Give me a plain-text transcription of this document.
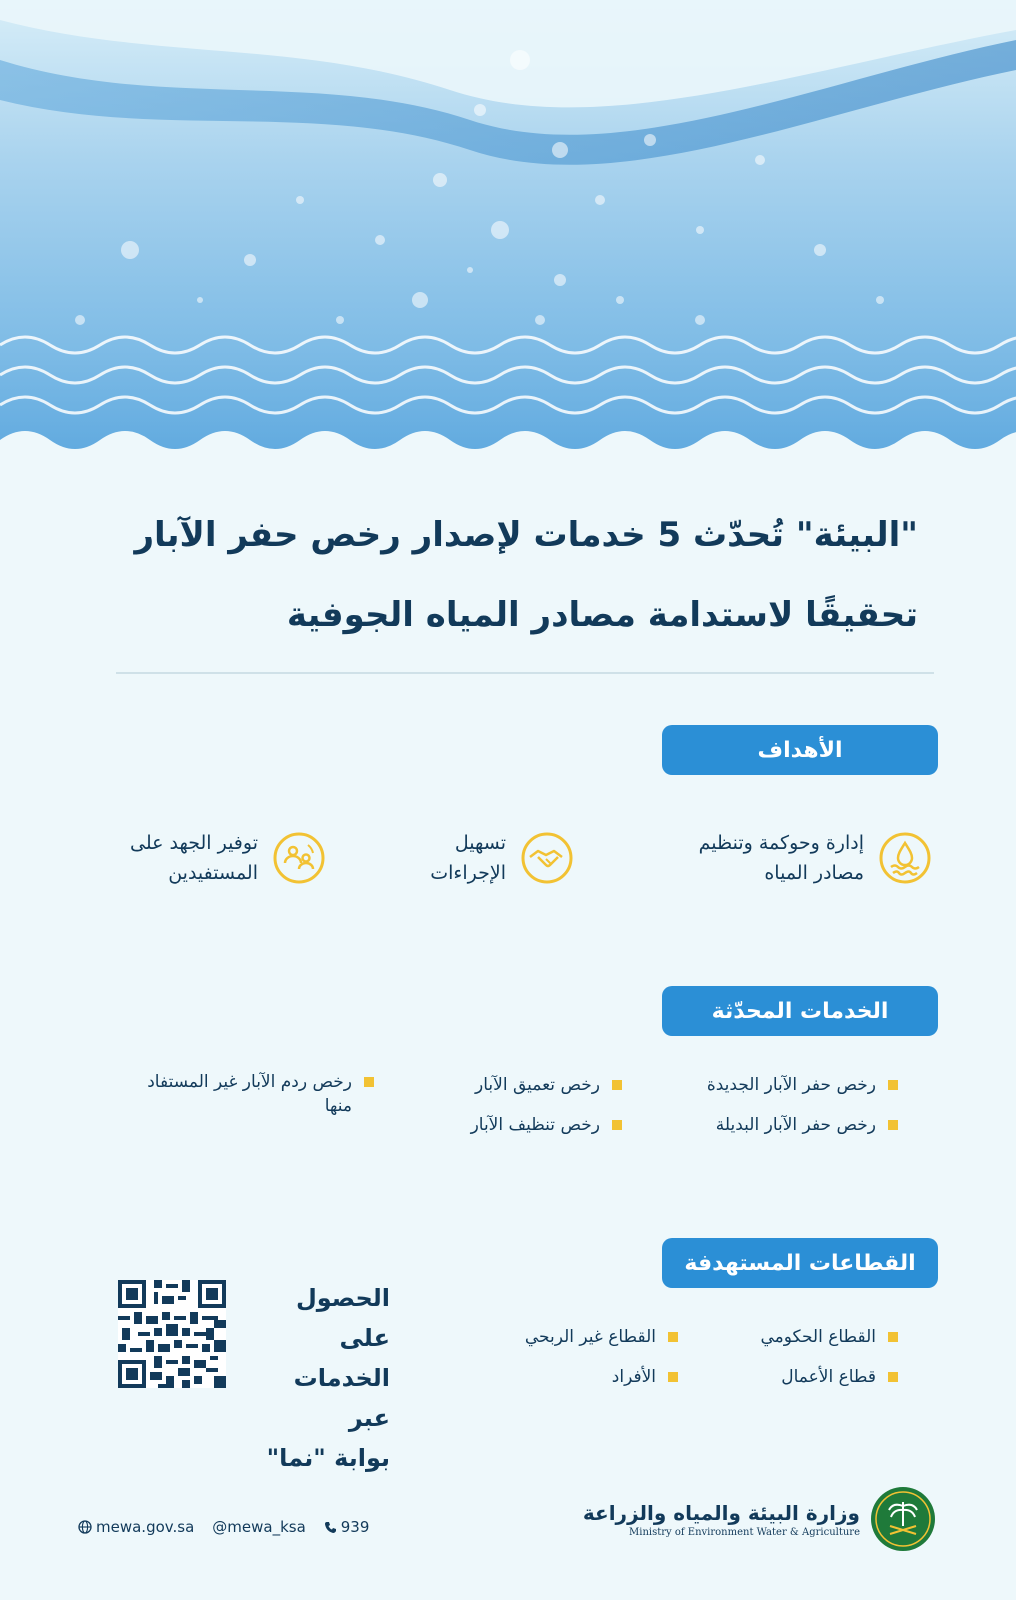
"البيئة" تُحدّث 5 خدمات لإصدار رخص حفر الآبار
تحقيقًا لاستدامة مصادر المياه الجوفية
الأهداف
إدارة وحوكمة وتنظيم مصادر المياه
تسهيل الإجراءات
توفير الجهد على المستفيدين
الخدمات المحدّثة
رخص حفر الآبار الجديدة
رخص حفر الآبار البديلة
رخص تعميق الآبار
رخص تنظيف الآبار
رخص ردم الآبار غير المستفاد منها
القطاعات المستهدفة
القطاع الحكومي
قطاع الأعمال
القطاع غير الربحي
الأفراد
الحصول على
الخدمات عبر
بوابة "نما"
mewa.gov.sa @mewa_ksa 939
وزارة البيئة والمياه والزراعة
Ministry of Environment Water & Agriculture
